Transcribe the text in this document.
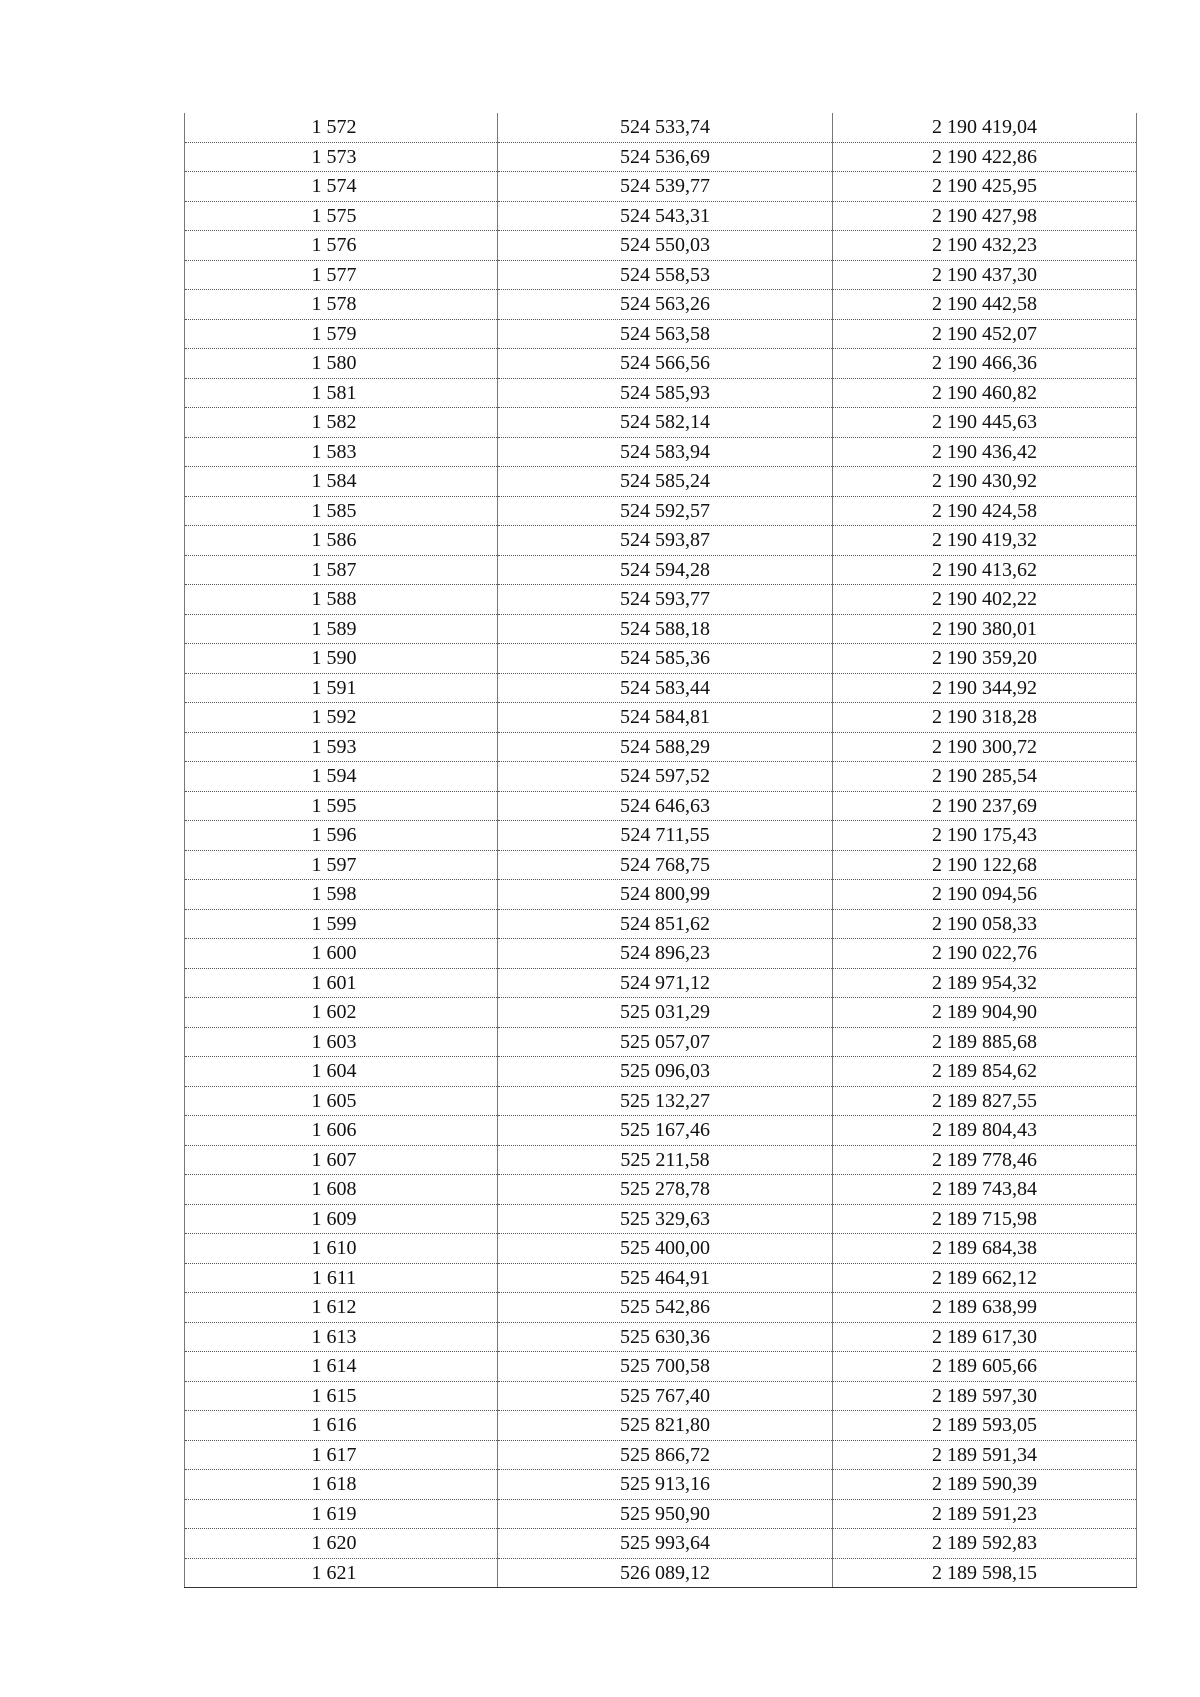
1 572	524 533,74	2 190 419,04
1 573	524 536,69	2 190 422,86
1 574	524 539,77	2 190 425,95
1 575	524 543,31	2 190 427,98
1 576	524 550,03	2 190 432,23
1 577	524 558,53	2 190 437,30
1 578	524 563,26	2 190 442,58
1 579	524 563,58	2 190 452,07
1 580	524 566,56	2 190 466,36
1 581	524 585,93	2 190 460,82
1 582	524 582,14	2 190 445,63
1 583	524 583,94	2 190 436,42
1 584	524 585,24	2 190 430,92
1 585	524 592,57	2 190 424,58
1 586	524 593,87	2 190 419,32
1 587	524 594,28	2 190 413,62
1 588	524 593,77	2 190 402,22
1 589	524 588,18	2 190 380,01
1 590	524 585,36	2 190 359,20
1 591	524 583,44	2 190 344,92
1 592	524 584,81	2 190 318,28
1 593	524 588,29	2 190 300,72
1 594	524 597,52	2 190 285,54
1 595	524 646,63	2 190 237,69
1 596	524 711,55	2 190 175,43
1 597	524 768,75	2 190 122,68
1 598	524 800,99	2 190 094,56
1 599	524 851,62	2 190 058,33
1 600	524 896,23	2 190 022,76
1 601	524 971,12	2 189 954,32
1 602	525 031,29	2 189 904,90
1 603	525 057,07	2 189 885,68
1 604	525 096,03	2 189 854,62
1 605	525 132,27	2 189 827,55
1 606	525 167,46	2 189 804,43
1 607	525 211,58	2 189 778,46
1 608	525 278,78	2 189 743,84
1 609	525 329,63	2 189 715,98
1 610	525 400,00	2 189 684,38
1 611	525 464,91	2 189 662,12
1 612	525 542,86	2 189 638,99
1 613	525 630,36	2 189 617,30
1 614	525 700,58	2 189 605,66
1 615	525 767,40	2 189 597,30
1 616	525 821,80	2 189 593,05
1 617	525 866,72	2 189 591,34
1 618	525 913,16	2 189 590,39
1 619	525 950,90	2 189 591,23
1 620	525 993,64	2 189 592,83
1 621	526 089,12	2 189 598,15
